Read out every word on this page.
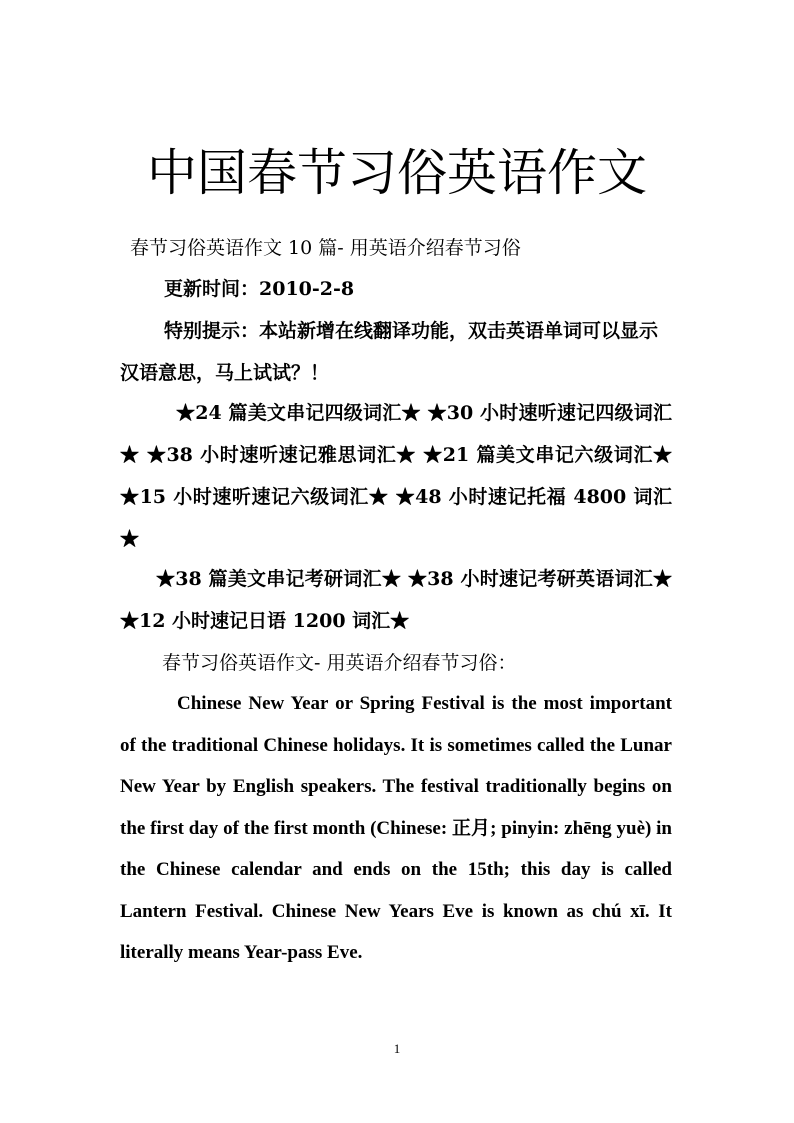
中国春节习俗英语作文

春节习俗英语作文 10 篇- 用英语介绍春节习俗

更新时间：2010-2-8

特别提示：本站新增在线翻译功能，双击英语单词可以显示汉语意思，马上试试？！

★24 篇美文串记四级词汇★ ★30 小时速听速记四级词汇★ ★38 小时速听速记雅思词汇★ ★21 篇美文串记六级词汇★ ★15 小时速听速记六级词汇★ ★48 小时速记托福 4800 词汇★

★38 篇美文串记考研词汇★ ★38 小时速记考研英语词汇★ ★12 小时速记日语 1200 词汇★

春节习俗英语作文- 用英语介绍春节习俗：

Chinese New Year or Spring Festival is the most important of the traditional Chinese holidays. It is sometimes called the Lunar New Year by English speakers. The festival traditionally begins on the first day of the first month (Chinese: 正月; pinyin: zhēng yuè) in the Chinese calendar and ends on the 15th; this day is called Lantern Festival. Chinese New Years Eve is known as chú xī. It literally means Year-pass Eve.

1
